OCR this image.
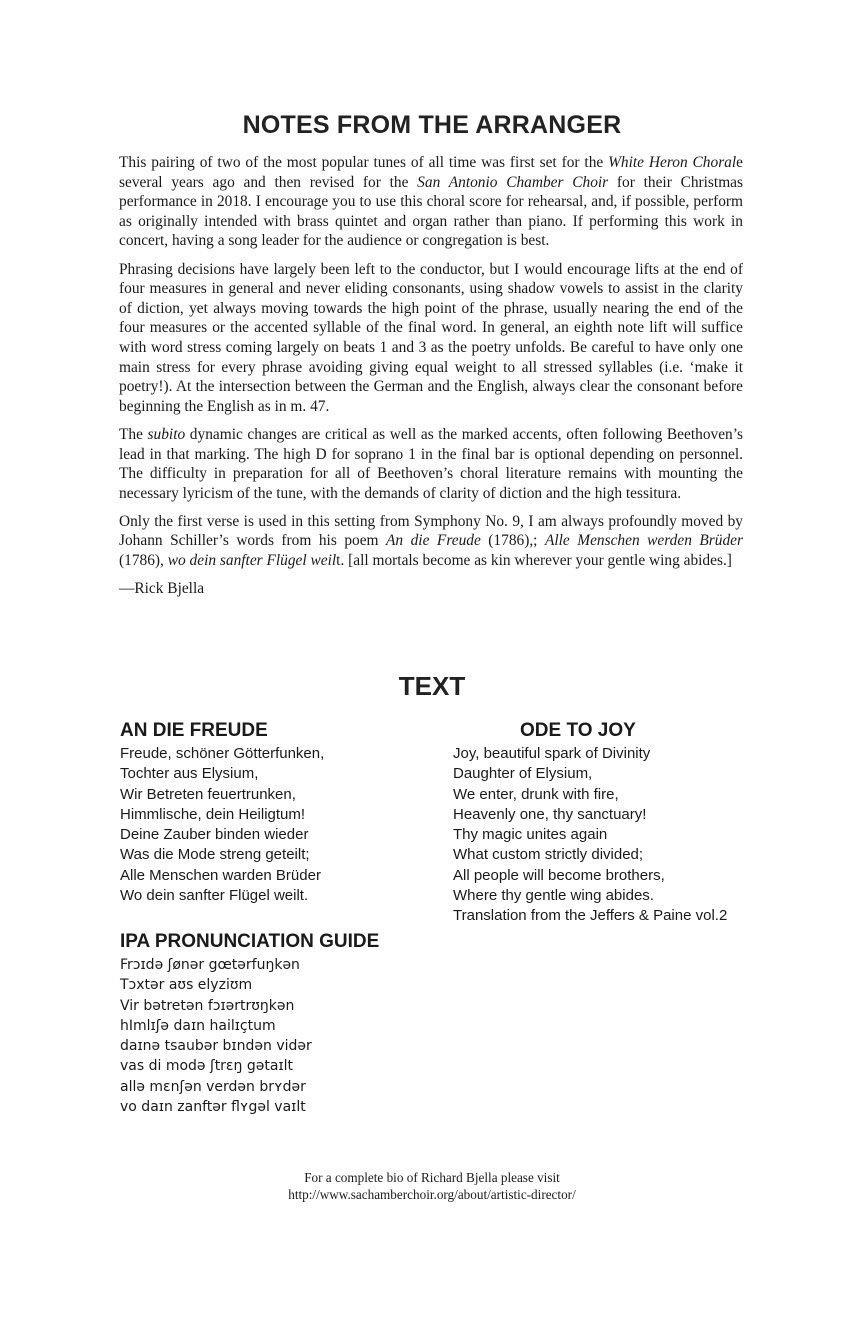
NOTES FROM THE ARRANGER

This pairing of two of the most popular tunes of all time was first set for the White Heron Chorale several years ago and then revised for the San Antonio Chamber Choir for their Christmas performance in 2018. I encourage you to use this choral score for rehearsal, and, if possible, perform as originally intended with brass quintet and organ rather than piano. If performing this work in concert, having a song leader for the audience or congregation is best.

Phrasing decisions have largely been left to the conductor, but I would encourage lifts at the end of four measures in general and never eliding consonants, using shadow vowels to assist in the clarity of diction, yet always moving towards the high point of the phrase, usually nearing the end of the four measures or the accented syllable of the final word. In general, an eighth note lift will suffice with word stress coming largely on beats 1 and 3 as the poetry unfolds. Be careful to have only one main stress for every phrase avoiding giving equal weight to all stressed syllables (i.e. ‘make it poetry!). At the intersection between the German and the English, always clear the consonant before beginning the English as in m. 47.

The subito dynamic changes are critical as well as the marked accents, often following Beethoven’s lead in that marking. The high D for soprano 1 in the final bar is optional depending on personnel. The difficulty in preparation for all of Beethoven’s choral literature remains with mounting the necessary lyricism of the tune, with the demands of clarity of diction and the high tessitura.

Only the first verse is used in this setting from Symphony No. 9, I am always profoundly moved by Johann Schiller’s words from his poem An die Freude (1786),; Alle Menschen werden Brüder (1786), wo dein sanfter Flügel weilt. [all mortals become as kin wherever your gentle wing abides.]

—Rick Bjella

TEXT
AN DIE FREUDE
Freude, schöner Götterfunken,
Tochter aus Elysium,
Wir Betreten feuertrunken,
Himmlische, dein Heiligtum!
Deine Zauber binden wieder
Was die Mode streng geteilt;
Alle Menschen warden Brüder
Wo dein sanfter Flügel weilt.
ODE TO JOY
Joy, beautiful spark of Divinity
Daughter of Elysium,
We enter, drunk with fire,
Heavenly one, thy sanctuary!
Thy magic unites again
What custom strictly divided;
All people will become brothers,
Where thy gentle wing abides.
Translation from the Jeffers & Paine vol.2
IPA PRONUNCIATION GUIDE
Frɔɪdə ʃønər gœtərfuŋkən
Tɔxtər aʊs elyziʊm
Vir bətretən fɔɪərtrʊŋkən
hImlɪʃə daɪn hailɪçtum
daɪnə tsaubər bɪndən vidər
vas di modə ʃtrɛŋ gətaɪlt
allə mɛnʃən verdən brʏdər
vo daɪn zanftər flʏgəl vaɪlt
For a complete bio of Richard Bjella please visit
http://www.sachamberchoir.org/about/artistic-director/
